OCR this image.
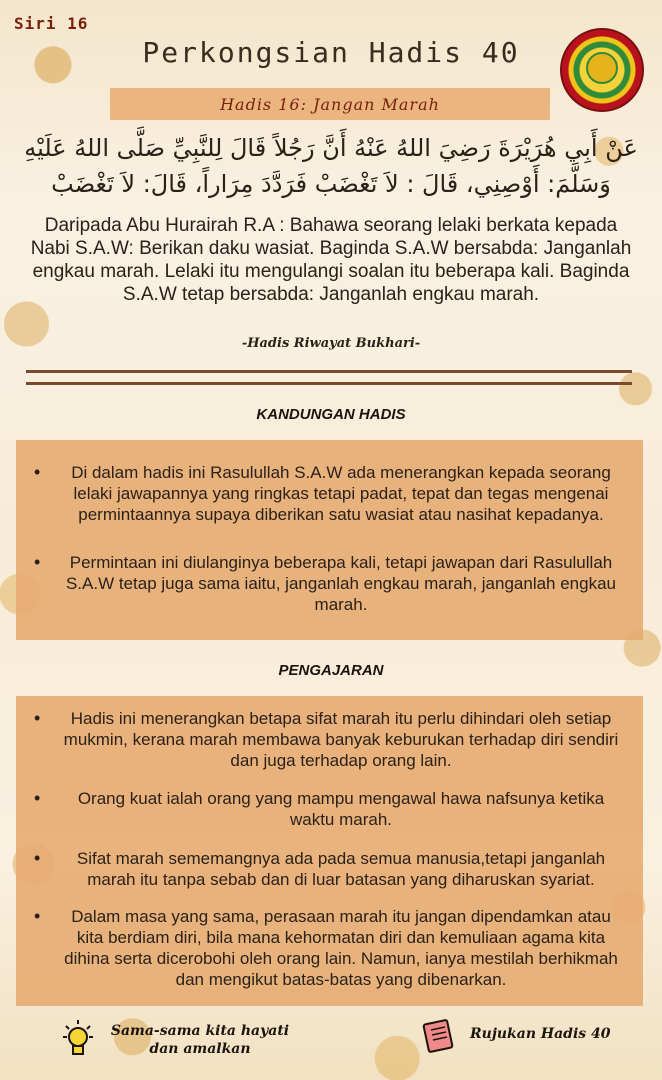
Siri 16
Perkongsian Hadis 40
Hadis 16: Jangan Marah
عَنْ أَبِي هُرَيْرَةَ رَضِيَ اللهُ عَنْهُ أَنَّ رَجُلاً قَالَ لِلنَّبِيِّ صَلَّى اللهُ عَلَيْهِ وَسَلَّمَ: أَوْصِنِي، قَالَ : لاَ تَغْضَبْ فَرَدَّدَ مِرَاراً، قَالَ: لاَ تَغْضَبْ
Daripada Abu Hurairah R.A : Bahawa seorang lelaki berkata kepada Nabi S.A.W: Berikan daku wasiat. Baginda S.A.W bersabda: Janganlah engkau marah. Lelaki itu mengulangi soalan itu beberapa kali. Baginda S.A.W tetap bersabda: Janganlah engkau marah.
-Hadis Riwayat Bukhari-
KANDUNGAN HADIS
•	Di dalam hadis ini Rasulullah S.A.W ada menerangkan kepada seorang lelaki jawapannya yang ringkas tetapi padat, tepat dan tegas mengenai permintaannya supaya diberikan satu wasiat atau nasihat kepadanya.
•	Permintaan ini diulanginya beberapa kali, tetapi jawapan dari Rasulullah S.A.W tetap juga sama iaitu, janganlah engkau marah, janganlah engkau marah.
PENGAJARAN
•	Hadis ini menerangkan betapa sifat marah itu perlu dihindari oleh setiap mukmin, kerana marah membawa banyak keburukan terhadap diri sendiri dan juga terhadap orang lain.
•	Orang kuat ialah orang yang mampu mengawal hawa nafsunya ketika waktu marah.
•	Sifat marah sememangnya ada pada semua manusia,tetapi janganlah marah itu tanpa sebab dan di luar batasan yang diharuskan syariat.
•	Dalam masa yang sama, perasaan marah itu jangan dipendamkan atau kita berdiam diri, bila mana kehormatan diri dan kemuliaan agama kita dihina serta dicerobohi oleh orang lain. Namun, ianya mestilah berhikmah dan mengikut batas-batas yang dibenarkan.
Sama-sama kita hayati
dan amalkan
Rujukan Hadis 40
